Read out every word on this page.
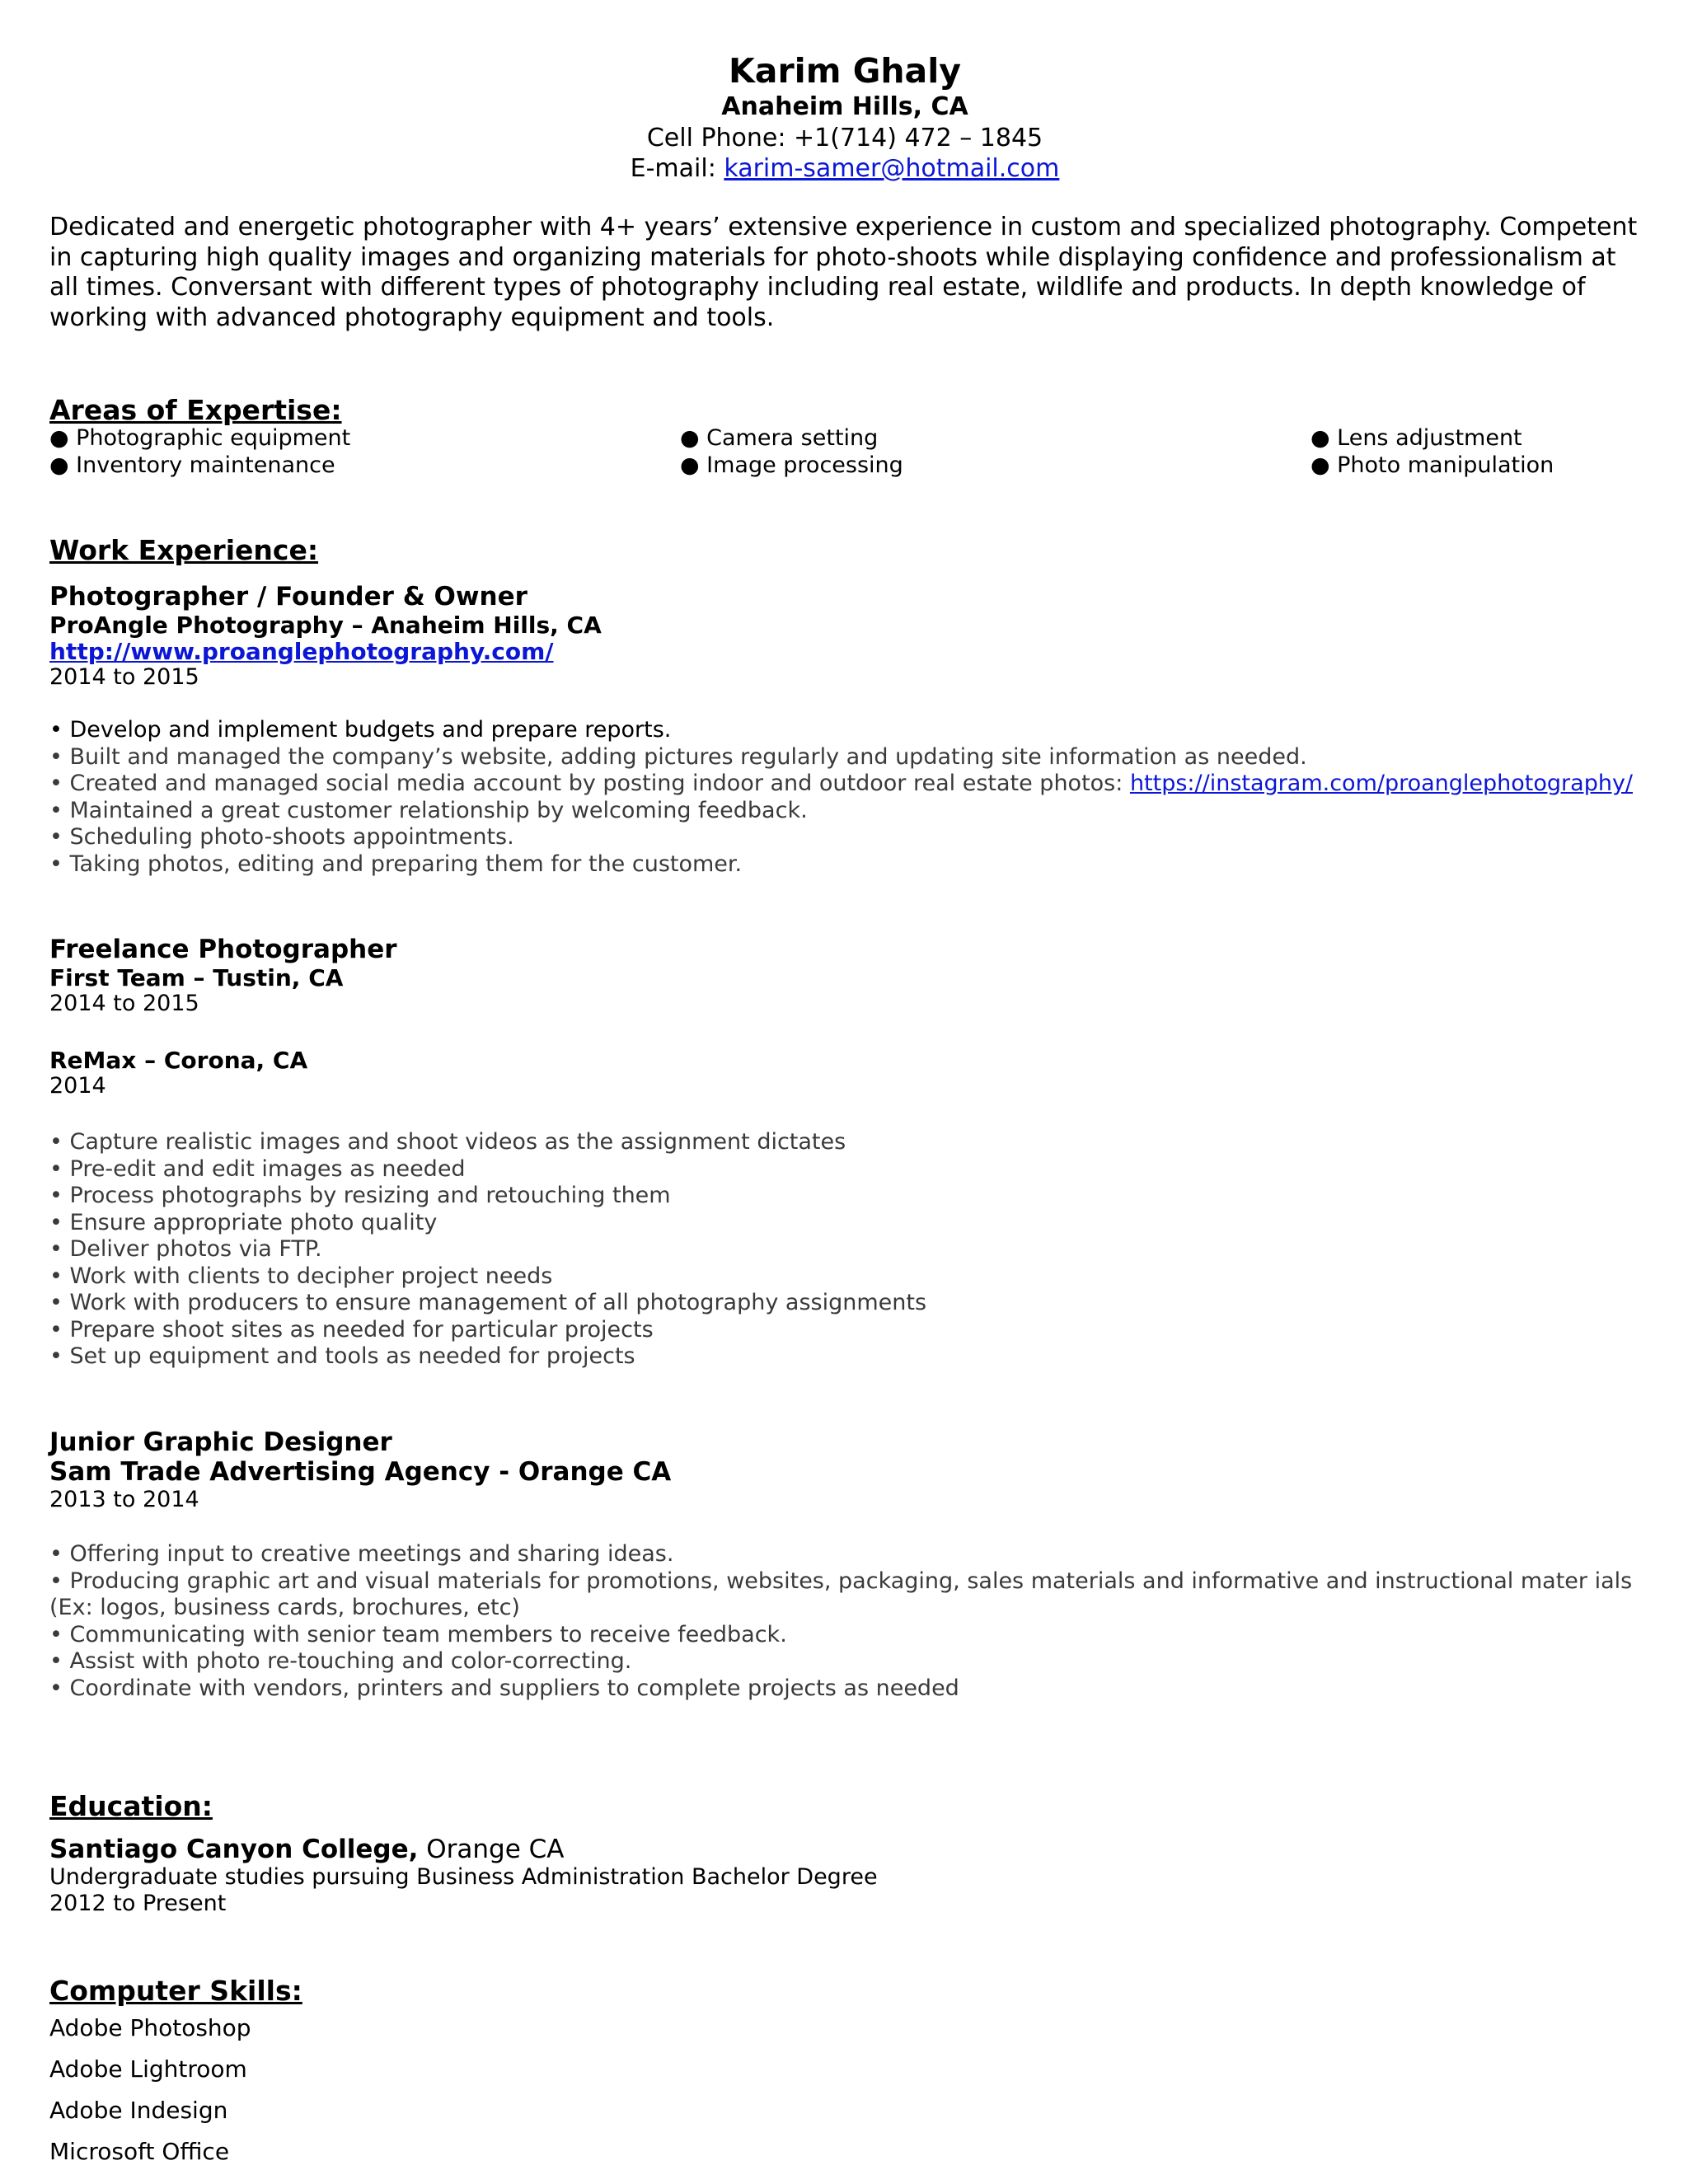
Karim Ghaly
Anaheim Hills, CA
Cell Phone: +1(714) 472 – 1845
E-mail: karim-samer@hotmail.com
Dedicated and energetic photographer with 4+ years’ extensive experience in custom and specialized photography. Competent in capturing high quality images and organizing materials for photo-shoots while displaying confidence and professionalism at all times. Conversant with different types of photography including real estate, wildlife and products. In depth knowledge of working with advanced photography equipment and tools.
Areas of Expertise:
● Photographic equipment
● Inventory maintenance
● Camera setting
● Image processing
● Lens adjustment
● Photo manipulation
Work Experience:
Photographer / Founder & Owner
ProAngle Photography – Anaheim Hills, CA
http://www.proanglephotography.com/
2014 to 2015
• Develop and implement budgets and prepare reports.
• Built and managed the company’s website, adding pictures regularly and updating site information as needed.
• Created and managed social media account by posting indoor and outdoor real estate photos: https://instagram.com/proanglephotography/
• Maintained a great customer relationship by welcoming feedback.
• Scheduling photo-shoots appointments.
• Taking photos, editing and preparing them for the customer.
Freelance Photographer
First Team – Tustin, CA
2014 to 2015
ReMax – Corona, CA
2014
• Capture realistic images and shoot videos as the assignment dictates
• Pre-edit and edit images as needed
• Process photographs by resizing and retouching them
• Ensure appropriate photo quality
• Deliver photos via FTP.
• Work with clients to decipher project needs
• Work with producers to ensure management of all photography assignments
• Prepare shoot sites as needed for particular projects
• Set up equipment and tools as needed for projects
Junior Graphic Designer
Sam Trade Advertising Agency - Orange CA
2013 to 2014
• Offering input to creative meetings and sharing ideas.
• Producing graphic art and visual materials for promotions, websites, packaging, sales materials and informative and instructional mater ials
(Ex: logos, business cards, brochures, etc)
• Communicating with senior team members to receive feedback.
• Assist with photo re-touching and color-correcting.
• Coordinate with vendors, printers and suppliers to complete projects as needed
Education:
Santiago Canyon College, Orange CA
Undergraduate studies pursuing Business Administration Bachelor Degree
2012 to Present
Computer Skills:
Adobe Photoshop
Adobe Lightroom
Adobe Indesign
Microsoft Office
